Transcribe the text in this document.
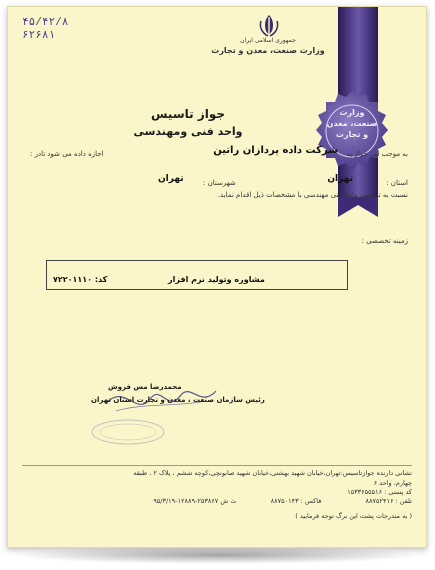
۴۵/۴۲/۸
۶۲۶۸۱	جمهوری اسلامی ایران
وزارت صنعت، معدن و تجارت
وزارت
صنعت، معدن
و تجارت
جواز تاسیس
واحد فنی ومهندسی
به موجب این جواز به
شرکت داده پردازان راتین
اجازه داده می شود تادر :
استان :
تهران
شهرستان :
تهران
نسبت به تاسیس واحد فنی مهندسی با مشخصات ذیل اقدام نماید.
زمینه تخصصی :
مشاوره وتولید نرم افزار
کد: ۷۲۲۰۱۱۱۰
محمدرضا مس فروش
رئیس سازمان صنعت ، معدن و تجارت استان تهران
نشانی دارنده جوازتاسیس:تهران،خیابان شهید بهشتی،خیابان شهید صابونچی،کوچه ششم ، پلاک ۲ ، طبقه
چهارم، واحد ۶
کد پستی : ۱۵۳۳۶۵۵۵۱۶
تلفن : ۸۸۷۵۲۴۱۶  فاکس : ۸۸۷۵۰۱۴۳  ث ش ۲۵۳۸۶۷-۱۲۸۸۹-۹۵/۳/۱۹
( به مندرجات پشت این برگ توجه فرمایید )
